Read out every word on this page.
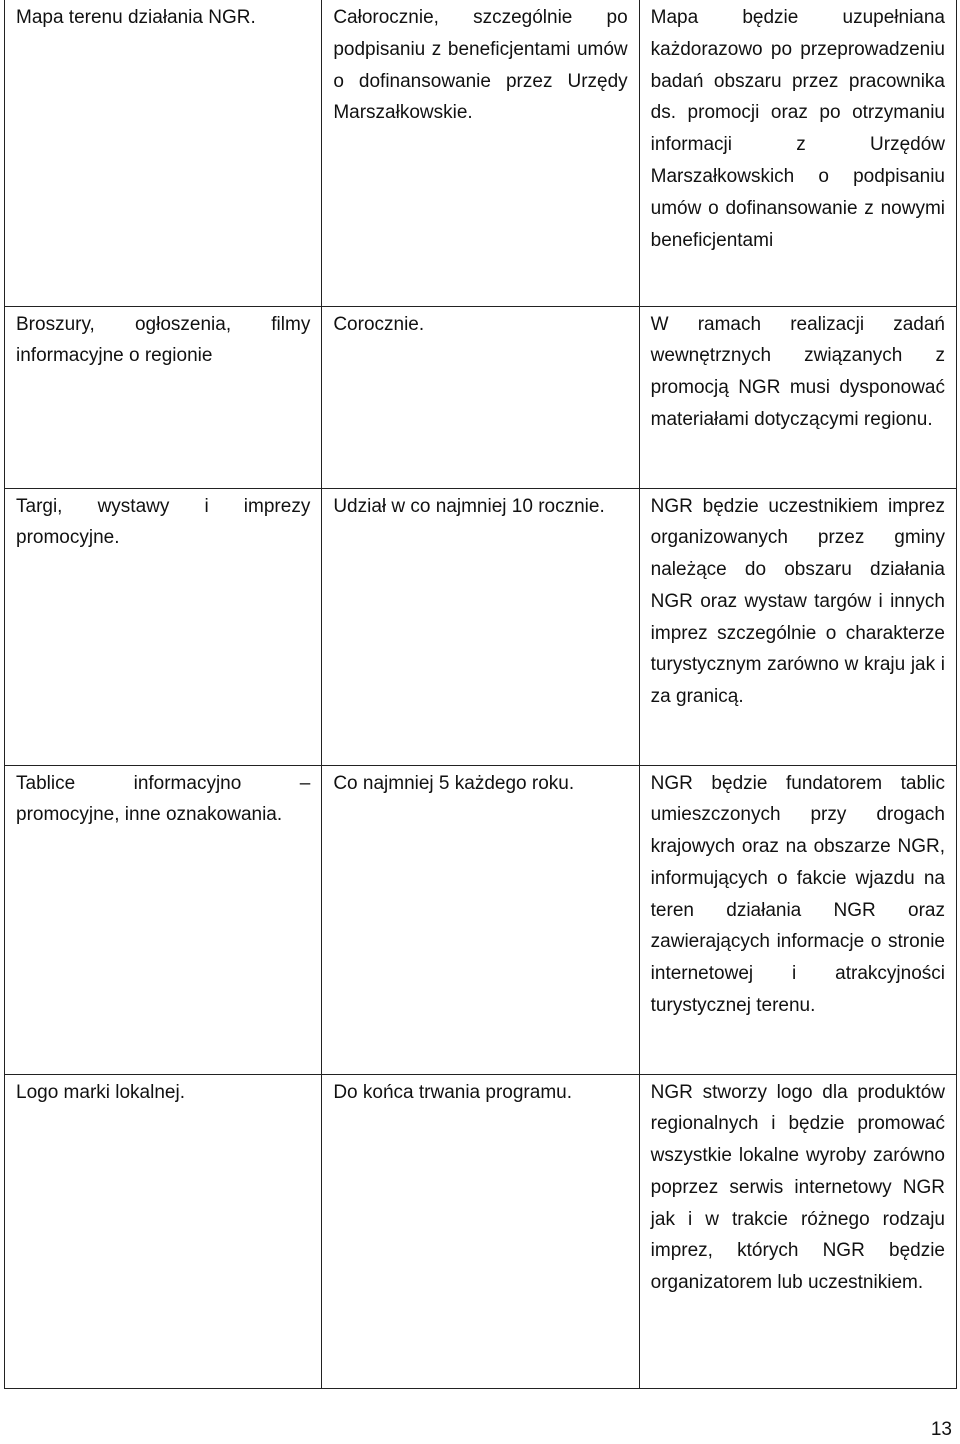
Mapa terenu działania NGR.	Całorocznie, szczególnie po podpisaniu z beneficjentami umów o dofinansowanie przez Urzędy Marszałkowskie.	Mapa będzie uzupełniana każdorazowo po przeprowadzeniu badań obszaru przez pracownika ds. promocji oraz po otrzymaniu informacji z Urzędów Marszałkowskich o podpisaniu umów o dofinansowanie z nowymi beneficjentami
Broszury, ogłoszenia, filmy informacyjne o regionie	Corocznie.	W ramach realizacji zadań wewnętrznych związanych z promocją NGR musi dysponować materiałami dotyczącymi regionu.
Targi, wystawy i imprezy promocyjne.	Udział w co najmniej 10 rocznie.	NGR będzie uczestnikiem imprez organizowanych przez gminy należące do obszaru działania NGR oraz wystaw targów i innych imprez szczególnie o charakterze turystycznym zarówno w kraju jak i za granicą.
Tablice informacyjno – promocyjne, inne oznakowania.	Co najmniej 5 każdego roku.	NGR będzie fundatorem tablic umieszczonych przy drogach krajowych oraz na obszarze NGR, informujących o fakcie wjazdu na teren działania NGR oraz zawierających informacje o stronie internetowej i atrakcyjności turystycznej terenu.
Logo marki lokalnej.	Do końca trwania programu.	NGR stworzy logo dla produktów regionalnych i będzie promować wszystkie lokalne wyroby zarówno poprzez serwis internetowy NGR jak i w trakcie różnego rodzaju imprez, których NGR będzie organizatorem lub uczestnikiem.
13
